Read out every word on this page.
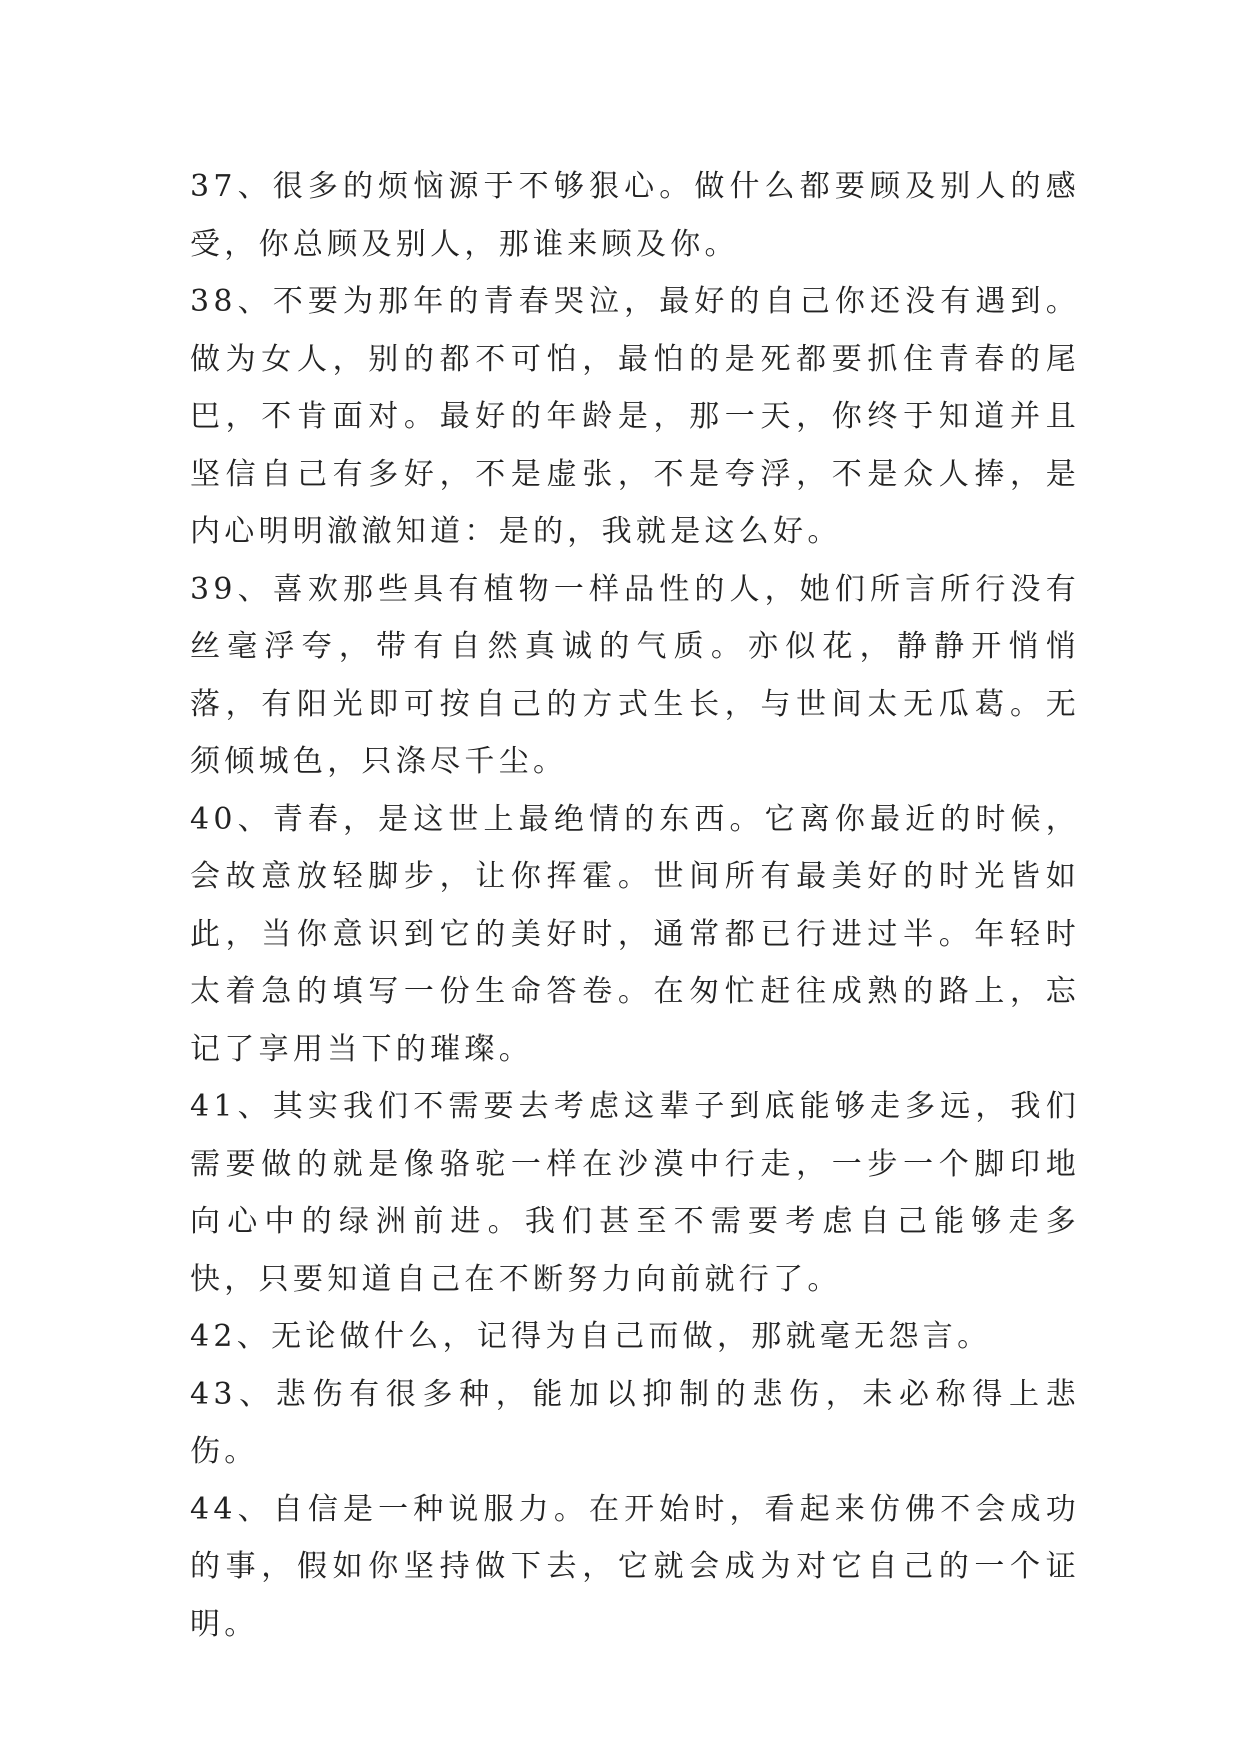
37、很多的烦恼源于不够狠心。做什么都要顾及别人的感受，你总顾及别人，那谁来顾及你。

38、不要为那年的青春哭泣，最好的自己你还没有遇到。做为女人，别的都不可怕，最怕的是死都要抓住青春的尾巴，不肯面对。最好的年龄是，那一天，你终于知道并且坚信自己有多好，不是虚张，不是夸浮，不是众人捧，是内心明明澈澈知道：是的，我就是这么好。

39、喜欢那些具有植物一样品性的人，她们所言所行没有丝毫浮夸，带有自然真诚的气质。亦似花，静静开悄悄落，有阳光即可按自己的方式生长，与世间太无瓜葛。无须倾城色，只涤尽千尘。

40、青春，是这世上最绝情的东西。它离你最近的时候，会故意放轻脚步，让你挥霍。世间所有最美好的时光皆如此，当你意识到它的美好时，通常都已行进过半。年轻时太着急的填写一份生命答卷。在匆忙赶往成熟的路上，忘记了享用当下的璀璨。

41、其实我们不需要去考虑这辈子到底能够走多远，我们需要做的就是像骆驼一样在沙漠中行走，一步一个脚印地向心中的绿洲前进。我们甚至不需要考虑自己能够走多快，只要知道自己在不断努力向前就行了。

42、无论做什么，记得为自己而做，那就毫无怨言。

43、悲伤有很多种，能加以抑制的悲伤，未必称得上悲伤。

44、自信是一种说服力。在开始时，看起来仿佛不会成功的事，假如你坚持做下去，它就会成为对它自己的一个证明。
